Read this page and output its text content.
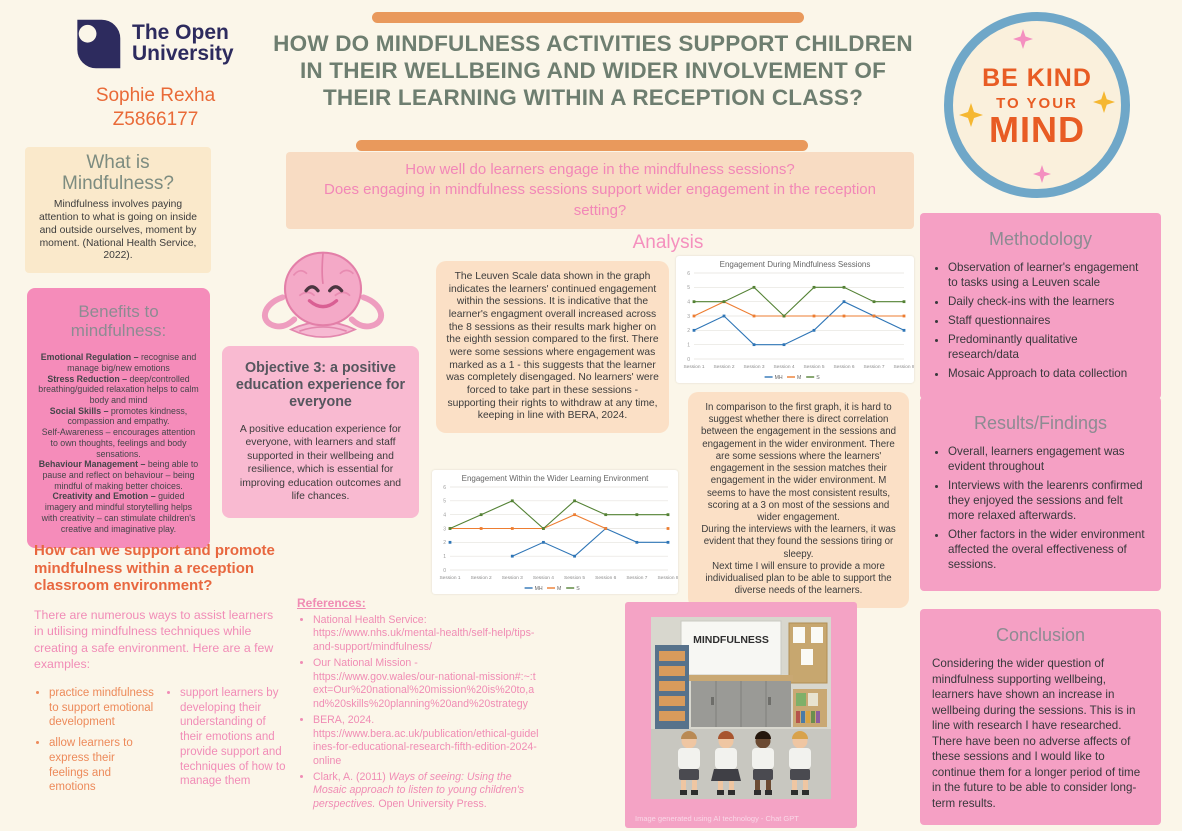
The Open
University
Sophie Rexha
Z5866177
HOW DO MINDFULNESS ACTIVITIES SUPPORT CHILDREN
IN THEIR WELLBEING AND WIDER INVOLVEMENT OF
THEIR LEARNING WITHIN A RECEPTION CLASS?
BE KIND
TO YOUR
MIND
How well do learners engage in the mindfulness sessions?
Does engaging in mindfulness sessions support wider engagement in the reception setting?
What is
Mindfulness?
Mindfulness involves paying attention to what is going on inside and outside ourselves, moment by moment. (National Health Service, 2022).
Benefits to
mindfulness:
Emotional Regulation – recognise and manage big/new emotions
Stress Reduction – deep/controlled breathing/guided relaxation helps to calm body and mind
Social Skills – promotes kindness, compassion and empathy.
Self-Awareness – encourages attention to own thoughts, feelings and body sensations.
Behaviour Management – being able to pause and reflect on behaviour – being mindful of making better choices.
Creativity and Emotion – guided imagery and mindful storytelling helps with creativity – can stimulate children's creative and imaginative play.
How can we support and promote mindfulness within a reception classroom environment?
There are numerous ways to assist learners in utilising mindfulness techniques while creating a safe environment. Here are a few examples:
• practice mindfulness to support emotional development
• allow learners to express their feelings and emotions
• support learners by developing their understanding of their emotions and provide support and techniques of how to manage them
Objective 3: a positive education experience for everyone
A positive education experience for everyone, with learners and staff supported in their wellbeing and resilience, which is essential for improving education outcomes and life chances.
References:
• National Health Service:
https://www.nhs.uk/mental-health/self-help/tips-and-support/mindfulness/
• Our National Mission -
https://www.gov.wales/our-national-mission#:~:text=Our%20national%20mission%20is%20to,and%20skills%20planning%20and%20strategy
• BERA, 2024.
https://www.bera.ac.uk/publication/ethical-guidelines-for-educational-research-fifth-edition-2024-online
• Clark, A. (2011) Ways of seeing: Using the Mosaic approach to listen to young children's perspectives. Open University Press.
Analysis
The Leuven Scale data shown in the graph indicates the learners' continued engagement within the sessions. It is indicative that the learner's engagment overall increased across the 8 sessions as their results mark higher on the eighth session compared to the first. There were some sessions where engagement was marked as a 1 - this suggests that the learner was completely disengaged. No learners' were forced to take part in these sessions - supporting their rights to withdraw at any time, keeping in line with BERA, 2024.
In comparison to the first graph, it is hard to suggest whether there is direct correlation between the engagement in the sessions and engagement in the wider environment. There are some sessions where the learners' engagement in the session matches their engagement in the wider environment. M seems to have the most consistent results, scoring at a 3 on most of the sessions and wider engagement.
During the interviews with the learners, it was evident that they found the sessions tiring or sleepy.
Next time I will ensure to provide a more individualised plan to be able to support the diverse needs of the learners.
Engagement During Mindfulness Sessions
0
1
2
3
4
5
6
Session 1 Session 2 Session 3 Session 4 Session 5 Session 6 Session 7 Session 8
MH	M	S
Engagement Within the Wider Learning Environment
0
1
2
3
4
5
6
Session 1 Session 2 Session 3 Session 4 Session 5 Session 6 Session 7 Session 8
MH	M	S
MINDFULNESS
Image generated using AI technology - Chat GPT
Methodology
• Observation of learner's engagement to tasks using a Leuven scale
• Daily check-ins with the learners
• Staff questionnaires
• Predominantly qualitative research/data
• Mosaic Approach to data collection
Results/Findings
• Overall, learners engagement was evident throughout
• Interviews with the learenrs confirmed they enjoyed the sessions and felt more relaxed afterwards.
• Other factors in the wider environment affected the overal effectiveness of sessions.
Conclusion
Considering the wider question of mindfulness supporting wellbeing, learners have shown an increase in wellbeing during the sessions. This is in line with research I have researched. There have been no adverse affects of these sessions and I would like to continue them for a longer period of time in the future to be able to consider long-term results.
